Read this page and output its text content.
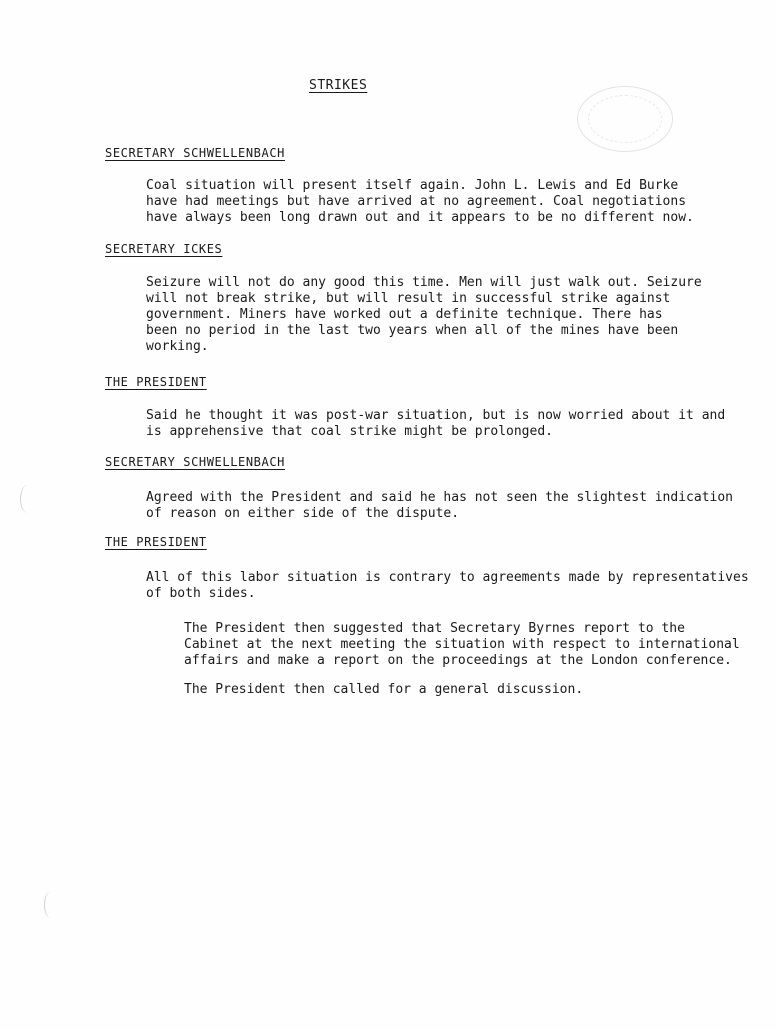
STRIKES
SECRETARY SCHWELLENBACH
Coal situation will present itself again. John L. Lewis and Ed Burke
have had meetings but have arrived at no agreement. Coal negotiations
have always been long drawn out and it appears to be no different now.
SECRETARY ICKES
Seizure will not do any good this time. Men will just walk out. Seizure
will not break strike, but will result in successful strike against
government. Miners have worked out a definite technique. There has
been no period in the last two years when all of the mines have been
working.
THE PRESIDENT
Said he thought it was post-war situation, but is now worried about it and
is apprehensive that coal strike might be prolonged.
SECRETARY SCHWELLENBACH
Agreed with the President and said he has not seen the slightest indication
of reason on either side of the dispute.
THE PRESIDENT
All of this labor situation is contrary to agreements made by representatives
of both sides.
The President then suggested that Secretary Byrnes report to the
Cabinet at the next meeting the situation with respect to international
affairs and make a report on the proceedings at the London conference.
The President then called for a general discussion.
